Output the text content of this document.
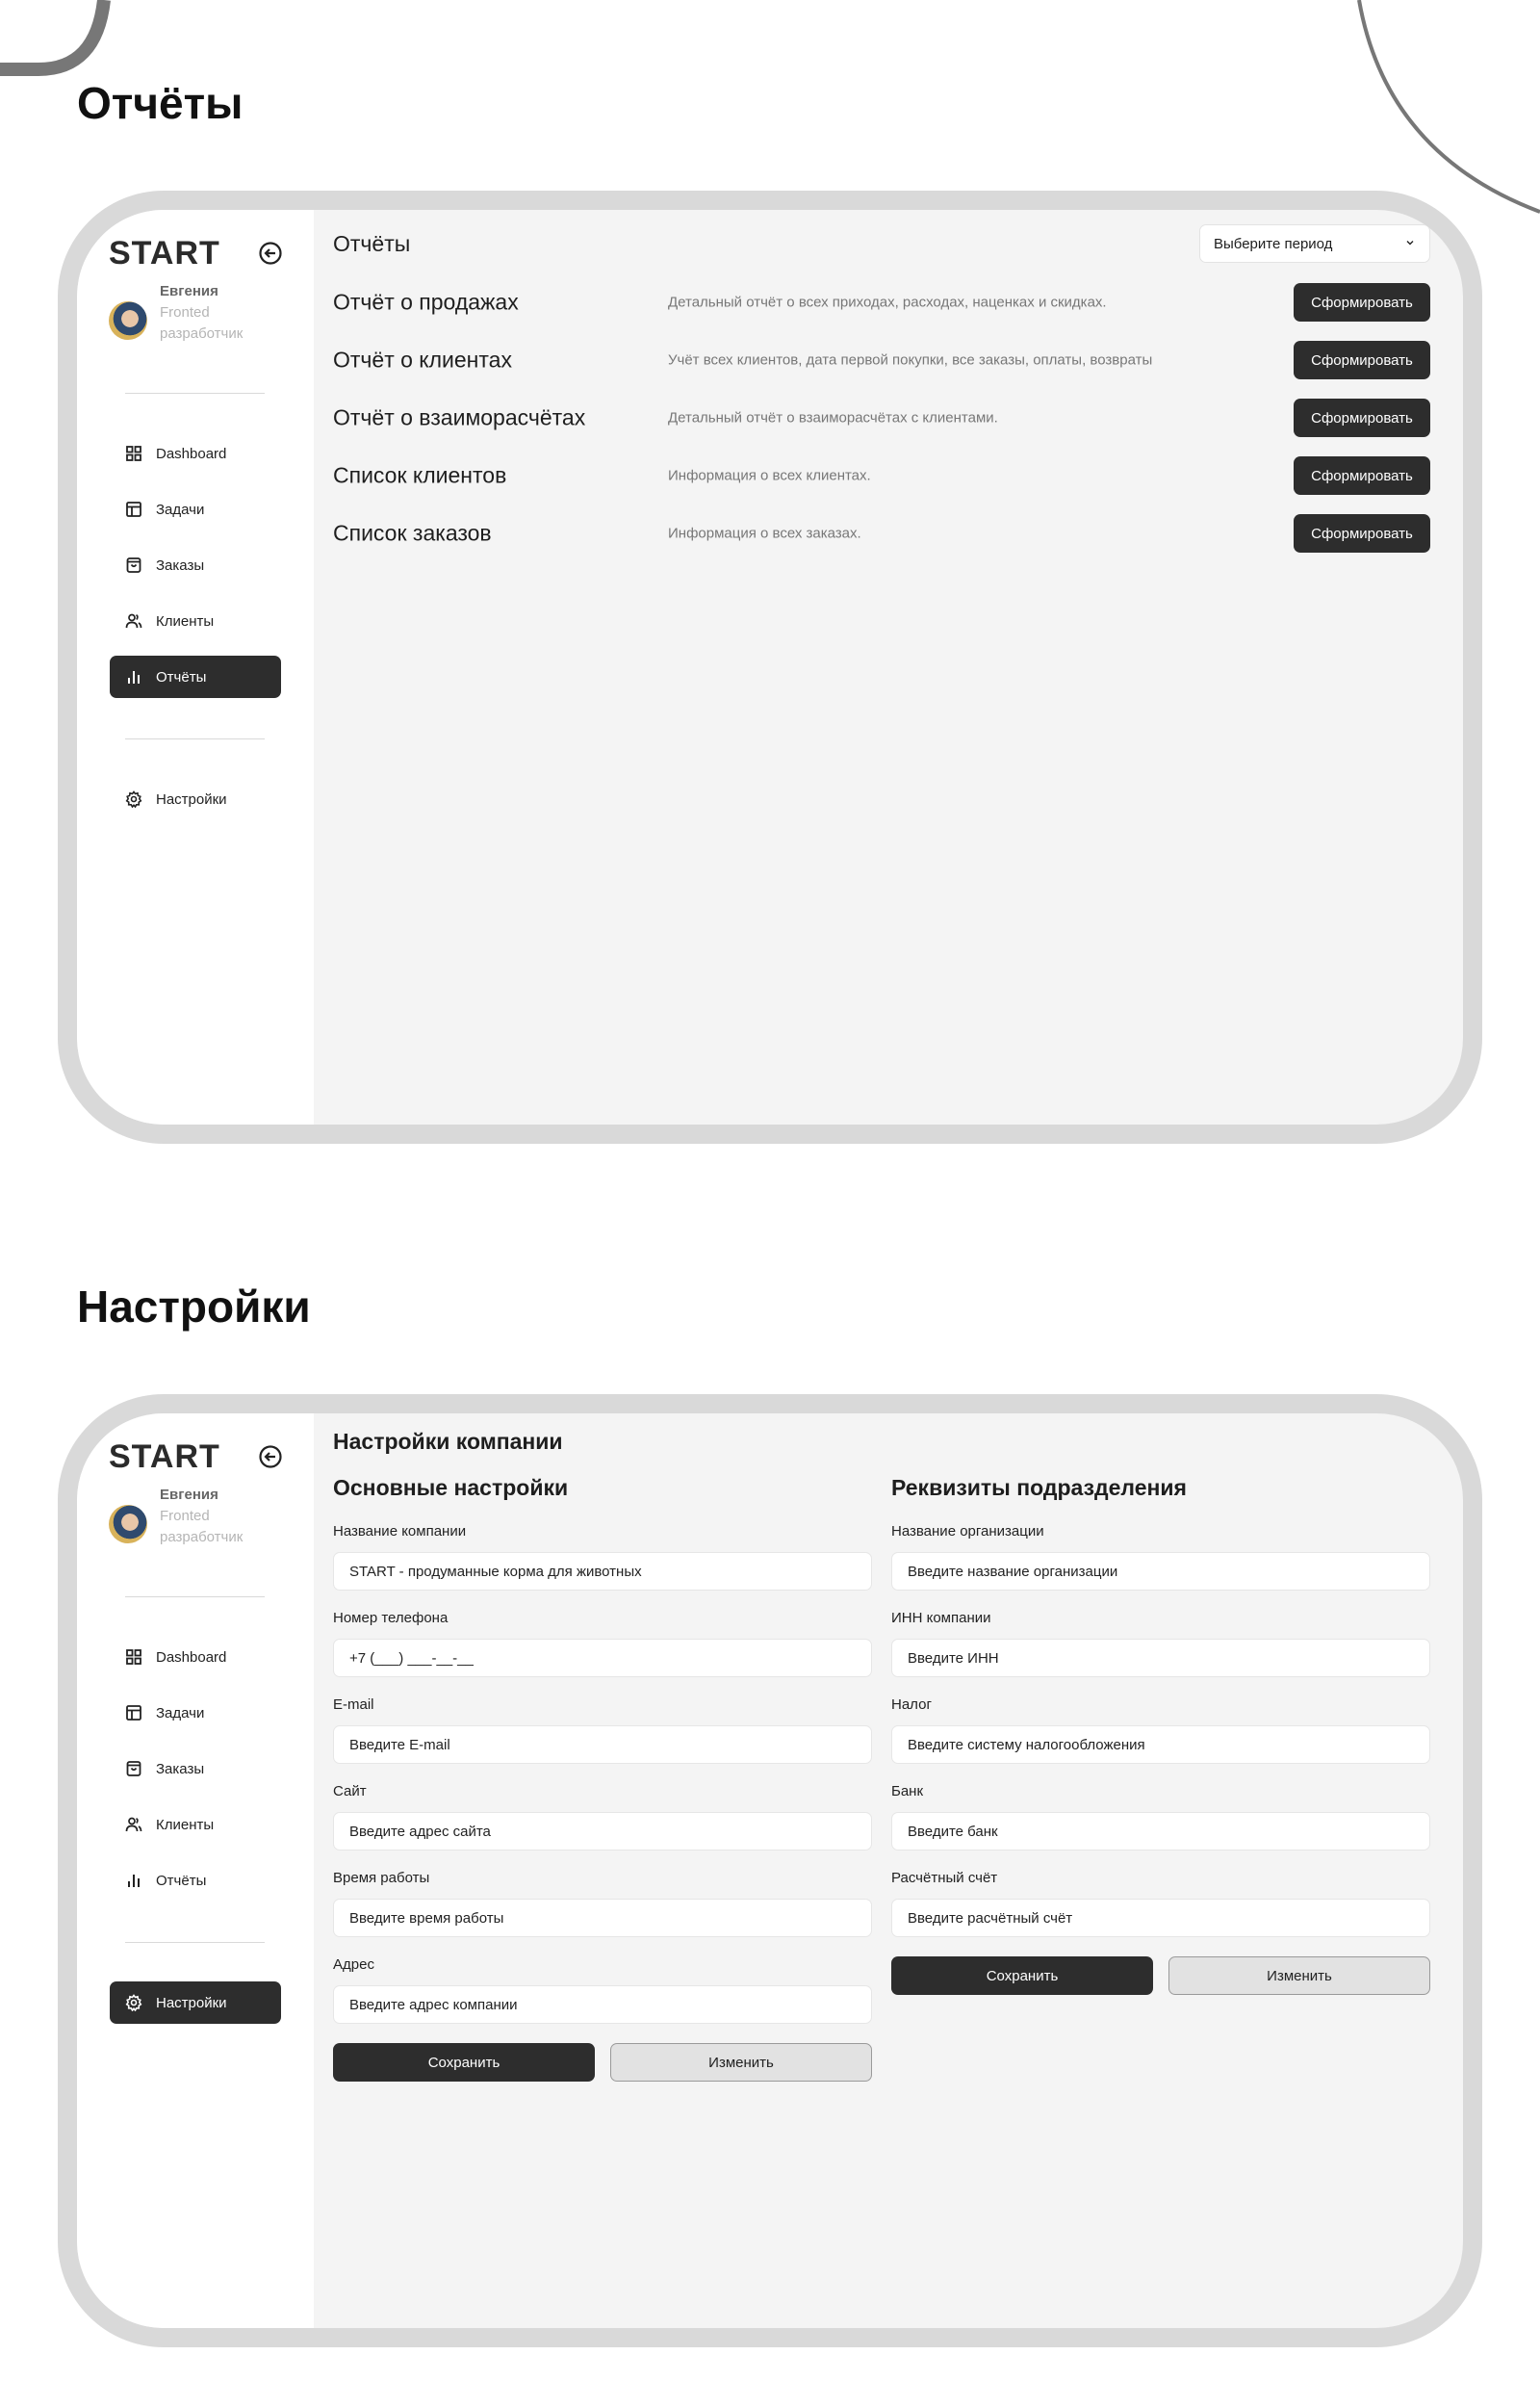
Отчёты
START
Евгения
Fronted
разработчик
Dashboard
Задачи
Заказы
Клиенты
Отчёты
Настройки
Отчёты	Выберите период
Отчёт о продажах	Детальный отчёт о всех приходах, расходах, наценках и скидках.	Сформировать
Отчёт о клиентах	Учёт всех клиентов, дата первой покупки, все заказы, оплаты, возвраты	Сформировать
Отчёт о взаиморасчётах	Детальный отчёт о взаиморасчётах с клиентами.	Сформировать
Список клиентов	Информация о всех клиентах.	Сформировать
Список заказов	Информация о всех заказах.	Сформировать
Настройки
START
Евгения
Fronted
разработчик
Dashboard
Задачи
Заказы
Клиенты
Отчёты
Настройки
Настройки компании
Основные настройки
Название компании
START - продуманные корма для животных
Номер телефона
+7 (___) ___-__-__
E-mail
Введите E-mail
Сайт
Введите адрес сайта
Время работы
Введите время работы
Адрес
Введите адрес компании
Сохранить	Изменить
Реквизиты подразделения
Название организации
Введите название организации
ИНН компании
Введите ИНН
Налог
Введите систему налогообложения
Банк
Введите банк
Расчётный счёт
Введите расчётный счёт
Сохранить	Изменить
